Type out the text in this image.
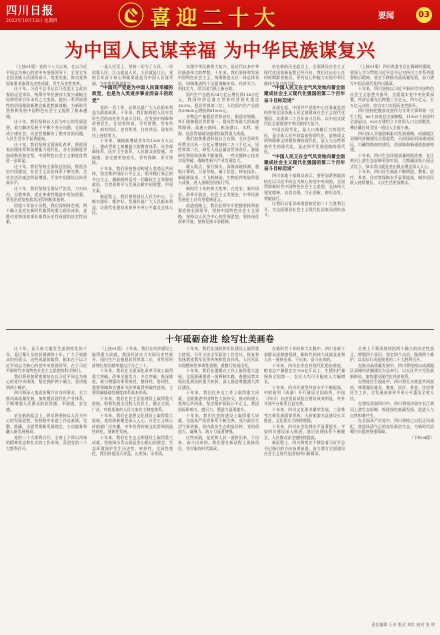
四川日报
2022年10月13日 星期四	喜迎二十大	要闻	03
为中国人民谋幸福 为中华民族谋复兴

（上接01版）党的十八大以来，在以习近平同志为核心的党中央坚强领导下，全党全军全国各族人民团结奋斗，攻坚克难，推动党和国家事业取得历史性成就、发生历史性变革。

这十年，习近平总书记以马克思主义政治家的远见卓识，统筹中华民族伟大复兴战略全局和世界百年未有之大变局，提出一系列原创性的治国理政新理念新思想新战略，为新时代坚持和发展中国特色社会主义提供了根本遵循。

这十年，我们坚持以人民为中心的发展思想，着力解决发展不平衡不充分问题，全面建成小康社会，历史性地解决了绝对贫困问题，人民生活水平显著提高。

这十年，我们坚持全面深化改革，推进国家治理体系和治理能力现代化，各方面制度更加成熟更加定型，中国特色社会主义制度优势进一步彰显。

这十年，我们坚持全面依法治国，推进法治中国建设，社会主义法治体系不断完善，全社会法治观念明显增强，平安中国建设迈向更高水平。

这十年，我们坚持全面从严治党，刀刃向内、自我革命，党在革命性锻造中更加坚强，管党治党宽松软状况得到根本扭转。

回望十年奋斗历程，我们深刻体会到，两个确立是党在新时代取得的重大政治成果，是推动党和国家事业取得历史性成就的决定性因素。

一是人民至上，坚持一切为了人民、一切依靠人民。江山就是人民，人民就是江山，党的百年奋斗初心和使命就是为中国人民谋幸福、为中华民族谋复兴。

“中国共产党是为中国人民谋幸福的政党，也是为人类进步事业而奋斗的政党”

党的一切工作，必须以最广大人民根本利益为最高标准。十年来，我们始终把人民对美好生活的向往作为奋斗目标，在发展中保障和改善民生，在幼有所育、学有所教、劳有所得、病有所医、老有所养、住有所居、弱有所扶上持续用力。

十年来，城镇新增就业年均1300万人以上，建成世界上规模最大的教育体系、社会保障体系、医疗卫生体系，人民群众获得感、幸福感、安全感更加充实、更有保障、更可持续。

十年来，我们坚持推动构建人类命运共同体，坚定维护国际公平正义，倡导践行真正的多边主义，旗帜鲜明反对一切霸权主义和强权政治，为世界和平与发展贡献中国智慧、中国方案。

新征程上，我们要坚持以人民为中心，不断实现好、维护好、发展好最广大人民根本利益，让现代化建设成果更多更公平惠及全体人民。

实现中华民族伟大复兴，是近代以来中华民族最伟大的梦想。十年来，我们坚持和发展中国特色社会主义，统筹推进五位一体总体布局，协调推进四个全面战略布局，经济实力、科技实力、综合国力跃上新台阶。

国内生产总值从54万亿元增长到114万亿元，我国经济总量占世界经济的比重达18.5%，稳居世界第二位；人均国内生产总值从39800元增加到81000元。

谷物总产量稳居世界首位，制造业规模、外汇储备稳居世界第一。建成世界最大的高速铁路网、高速公路网，机场港口、水利、能源、信息等基础设施建设取得重大成就。

我们加快推进科技自立自强，全社会研发经费支出从一万亿元增加到二万八千亿元，居世界第二位，研发人员总量居世界首位。基础研究和原始创新不断加强，一些关键核心技术实现突破，战略性新兴产业发展壮大。

载人航天、探月探火、深海深地探测、超级计算机、卫星导航、量子信息、核电技术、新能源技术、大飞机制造、生物医药等取得重大成果，进入创新型国家行列。

新时代十年的伟大变革，在党史、新中国史、改革开放史、社会主义发展史、中华民族发展史上具有里程碑意义。

前进道路上，我们必须牢牢把握坚持和加强党的全面领导，坚持中国特色社会主义道路，坚持以人民为中心的发展思想，坚持深化改革开放，坚持发扬斗争精神。

站在新的历史起点上，全面建设社会主义现代化国家新征程已经开启，我们比历史上任何时期都更接近、更有信心和能力实现中华民族伟大复兴的目标。

“中国人民又在全气风发地向着全面建成社会主义现代化强国的第二个百年奋斗目标迈进”

从现在起，中国共产党的中心任务就是团结带领全国各族人民全面建成社会主义现代化强国、实现第二个百年奋斗目标，以中国式现代化全面推进中华民族伟大复兴。

中国式现代化，是人口规模巨大的现代化，是全体人民共同富裕的现代化，是物质文明和精神文明相协调的现代化，是人与自然和谐共生的现代化，是走和平发展道路的现代化。

“中国人民又在全气风发地向着全面建成社会主义现代化强国的第二个百年奋斗目标迈进”

四川各地干部群众表示，要更加紧密地团结在以习近平同志为核心的党中央周围，全面贯彻新时代中国特色社会主义思想，弘扬伟大建党精神，自信自强、守正创新，踔厉奋发、勇毅前行。

让我们以优异成绩迎接党的二十大胜利召开，为全面建设社会主义现代化国家而团结奋斗。

（上接01版）四川省委书记在调研时强调，要深入学习贯彻习近平总书记对四川工作系列重要指示精神，坚定不移推动高质量发展，奋力谱写中国式现代化四川篇章。

十年来，四川坚持以习近平新时代中国特色社会主义思想为指导，全面落实党中央决策部署，经济总量先后跨越三万亿元、四万亿元、五万亿元台阶，综合实力实现历史性跃升。

四川坚持把脱贫攻坚作为头等大事和第一民生工程，88个贫困县全部摘帽，11501个贫困村全部退出，625万建档立卡贫困人口全部脱贫，彝区藏区同全国一道迈入全面小康。

四川深入实施创新驱动发展战略，成渝地区双城经济圈建设全面起势，天府国际机场建成投运，川藏铁路加快建设，西部陆海新通道加速构建。

十年来，四川生态环境质量持续改善，长江黄河上游生态屏障更加牢固，大熊猫国家公园正式设立，绿水青山就是金山银山理念深入人心。

十年来，四川民生福祉不断增进，教育、医疗、养老、住房等保障水平显著提高，城乡居民收入持续增长，人民生活更加殷实。

十年砥砺奋进 绘写壮美画卷

这十年，是天府大地发生深刻变化的十年，是巴蜀儿女收获满满的十年。广大干部群众纷纷表示，这些成就的取得，根本在于以习近平同志为核心的党中央坚强领导，在于习近平新时代中国特色社会主义思想的科学指引。

我们将更加紧密团结在以习近平同志为核心的党中央周围，坚定拥护两个确立，坚决做到两个维护。

四川将深入推进治蜀兴川各项事业，全力推动高质量发展，加快建设现代化产业体系，不断增强人民群众的获得感、幸福感、安全感。

站在新的起点上，四川将坚持以人民为中心的发展思想，坚持稳中求进工作总基调，完整、准确、全面贯彻新发展理念，主动服务和融入新发展格局。

党的二十大即将召开，全省上下将以昂扬的精神状态和扎实的工作成效，喜迎党的二十大胜利召开。

（上接01版）十年来，我们在经济建设上取得重大成就。我国经济实力实现历史性跃升，国内生产总值稳居世界第二位，对世界经济增长的贡献率超过百分之三十。

十年来，我们在全面深化改革开放上取得重大突破。改革全面发力、多点突破、纵深推进，着力增强改革系统性、整体性、协同性，重要领域和关键环节改革取得突破性进展，主要领域基础性制度体系基本形成。

十年来，我们在民主法治建设上取得重大进展。积极发展全过程人民民主，健全全面、广泛、有机衔接的人民当家作主制度体系。

十年来，我们在思想文化建设上取得重大进展。党的创新理论深入人心，社会主义核心价值观广泛传播，中华优秀传统文化得到创造性转化、创新性发展。

十年来，我们在生态文明建设上取得重大成就。坚持绿水青山就是金山银山的理念，生态环境保护发生历史性、转折性、全局性变化，我们的祖国天更蓝、山更绿、水更清。

十年来，我们在国防和军队建设上取得重大进展。召开古田全军政治工作会议，恢复和发扬我党我军光荣传统和优良作风，人民军队实现整体性革命性重塑、重整行装再出发。

十年来，我们在港澳台工作上取得重大进展。全面准确推进一国两制实践，香港局势实现由乱到治的重大转折，深入推进粤港澳大湾区建设。

十年来，我们在外交工作上取得重大成就。全面推进中国特色大国外交，推动构建人类命运共同体，坚定维护国际公平正义，我国国际影响力、感召力、塑造力显著提升。

十年来，我们在党的建设上取得重大成就。全面从严治党体系不断完善，党内政治生活气象更新，党内政治生态明显好转，党的创造力、凝聚力、战斗力显著增强。

这些成就，是党和人民一道拼出来、干出来、奋斗出来的。我们要在新征程上再接再厉，书写新的时代篇章。

在新时代十年的伟大实践中，四川各族干部群众深刻感悟到，新时代的伟大成就是党和人民一道拼出来、干出来、奋斗出来的。

十年来，四川农业农村现代化稳步推进，粮食总产量稳定在700亿斤以上，生猪出栏量保持全国第一，农民人均可支配收入大幅增长。

十年来，四川开放型经济水平不断提高，中欧班列（成渝）开行量居全国前列，中国（四川）自由贸易试验区建设成效明显，对外开放平台体系日益完善。

十年来，四川文化事业繁荣发展，三星堆考古新发现震惊世界，天府旅游名县建设扎实推进，文化软实力持续增强。

十年来，四川社会治理水平显著提升，平安四川建设深入推进，基层治理体系不断健全，人民群众安全感持续提高。

新征程上，四川将坚定不移沿着习近平总书记指引的方向奋勇前进，奋力谱写全面建设社会主义现代化国家四川新篇章。

全省上下将深刻领悟两个确立的决定性意义，增强四个意识、坚定四个自信、做到两个维护，以实际行动迎接党的二十大胜利召开。

在推动高质量发展中，四川将坚持以成渝地区双城经济圈建设为总牵引，以五区共兴为发展新格局，加快建设现代化经济体系。

在增进民生福祉中，四川将扎实推进共同富裕，统筹做好就业、教育、医疗、养老、住房等民生工作，让发展成果更多更公平惠及全省人民。

在建设美丽四川中，四川将坚决筑牢长江黄河上游生态屏障，推进绿色低碳发展，促进人与自然和谐共生。

在全面从严治党中，四川将持之以恒正风肃纪，营造风清气正的良好政治生态，为新时代治蜀兴川提供坚强保障。

（下转04版）

责任编辑 王卓 版式 刘红 校对 张 明
